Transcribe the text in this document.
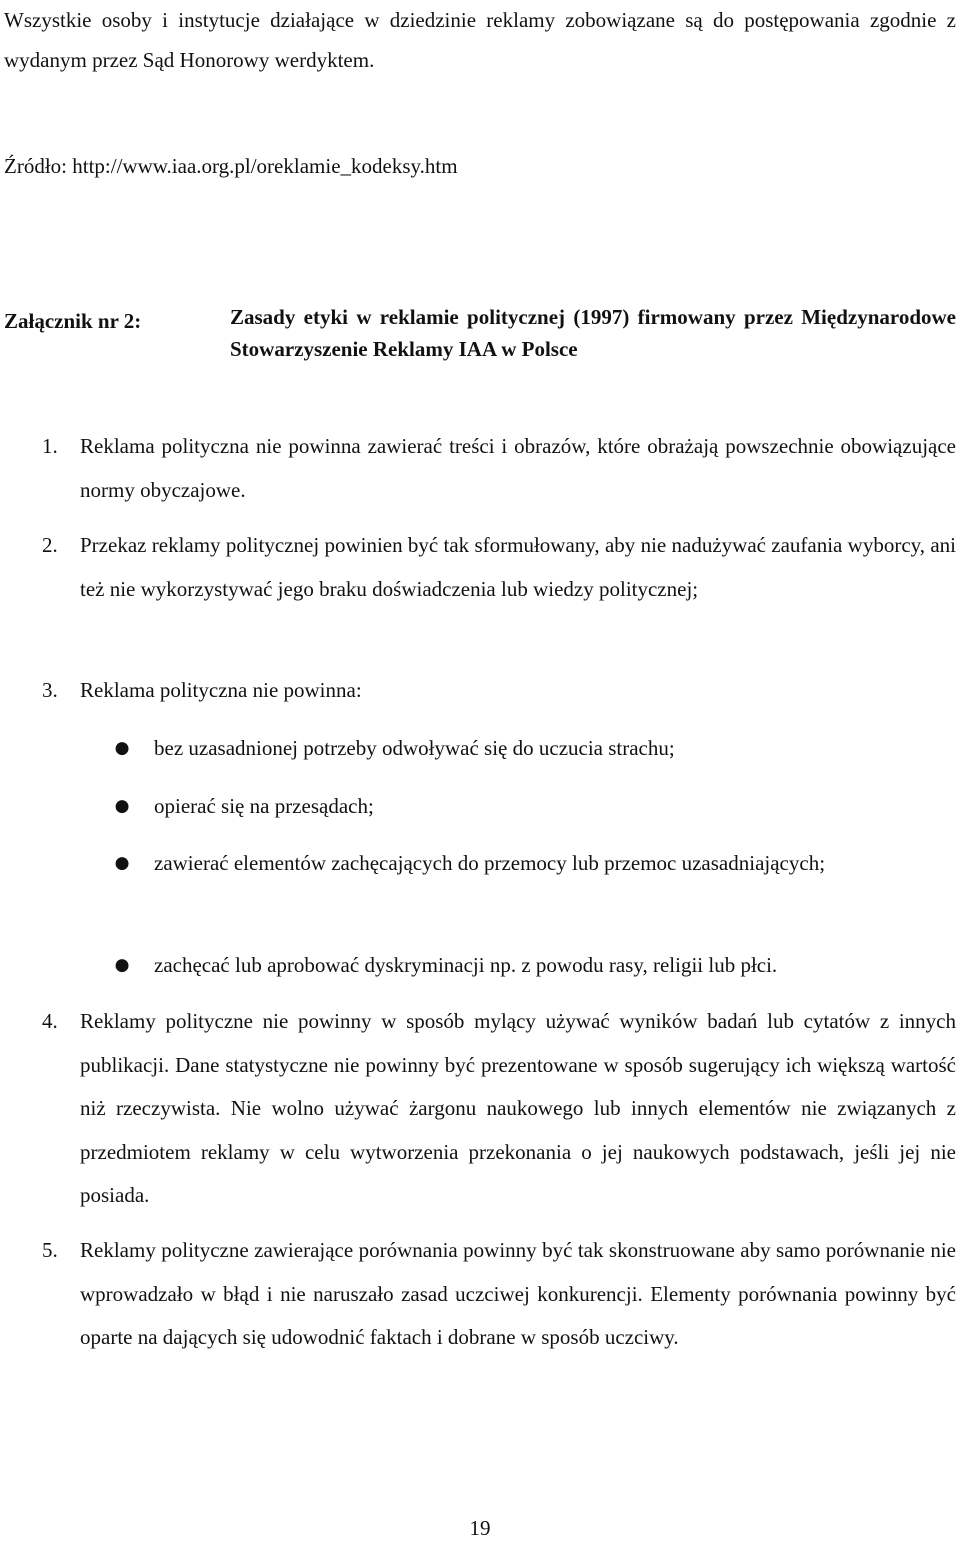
Wszystkie osoby i instytucje działające w dziedzinie reklamy zobowiązane są do postępowania zgodnie z wydanym przez Sąd Honorowy werdyktem.

Źródło: http://www.iaa.org.pl/oreklamie_kodeksy.htm

Załącznik nr 2:	Zasady etyki w reklamie politycznej (1997) firmowany przez Międzynarodowe Stowarzyszenie Reklamy IAA w Polsce
1. Reklama polityczna nie powinna zawierać treści i obrazów, które obrażają powszechnie obowiązujące normy obyczajowe.
2. Przekaz reklamy politycznej powinien być tak sformułowany, aby nie nadużywać zaufania wyborcy, ani też nie wykorzystywać jego braku doświadczenia lub wiedzy politycznej;
3. Reklama polityczna nie powinna:
● bez uzasadnionej potrzeby odwoływać się do uczucia strachu;
● opierać się na przesądach;
● zawierać elementów zachęcających do przemocy lub przemoc uzasadniających;
● zachęcać lub aprobować dyskryminacji np. z powodu rasy, religii lub płci.
4. Reklamy polityczne nie powinny w sposób mylący używać wyników badań lub cytatów z innych publikacji. Dane statystyczne nie powinny być prezentowane w sposób sugerujący ich większą wartość niż rzeczywista. Nie wolno używać żargonu naukowego lub innych elementów nie związanych z przedmiotem reklamy w celu wytworzenia przekonania o jej naukowych podstawach, jeśli jej nie posiada.
5. Reklamy polityczne zawierające porównania powinny być tak skonstruowane aby samo porównanie nie wprowadzało w błąd i nie naruszało zasad uczciwej konkurencji. Elementy porównania powinny być oparte na dających się udowodnić faktach i dobrane w sposób uczciwy.
19
